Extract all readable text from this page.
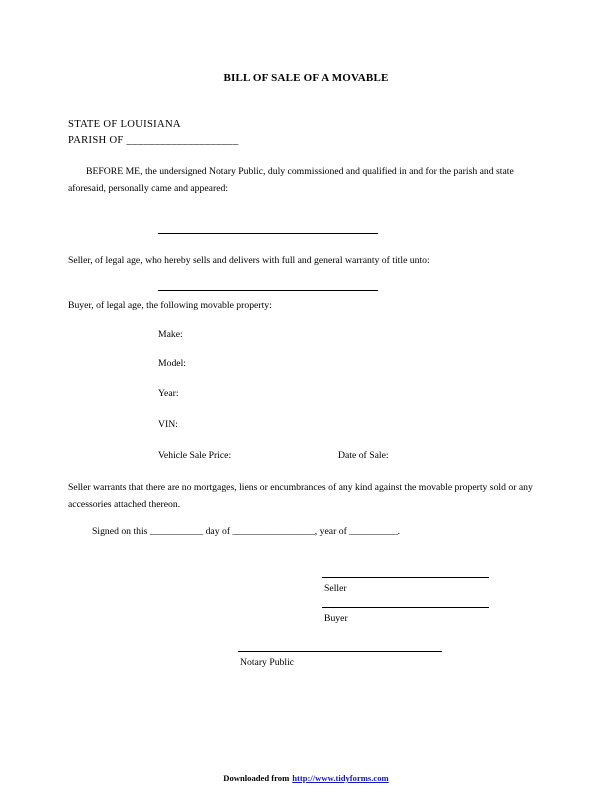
BILL OF SALE OF A MOVABLE
STATE OF LOUISIANA
PARISH OF ____________________
BEFORE ME, the undersigned Notary Public, duly commissioned and qualified in and for the parish and state aforesaid, personally came and appeared:
Seller, of legal age, who hereby sells and delivers with full and general warranty of title unto:
Buyer, of legal age, the following movable property:
Make:
Model:
Year:
VIN:
Vehicle Sale Price:	Date of Sale:
Seller warrants that there are no mortgages, liens or encumbrances of any kind against the movable property sold or any accessories attached thereon.
Signed on this ___________ day of _________________, year of __________.
Seller
Buyer
Notary Public
Downloaded from http://www.tidyforms.com
